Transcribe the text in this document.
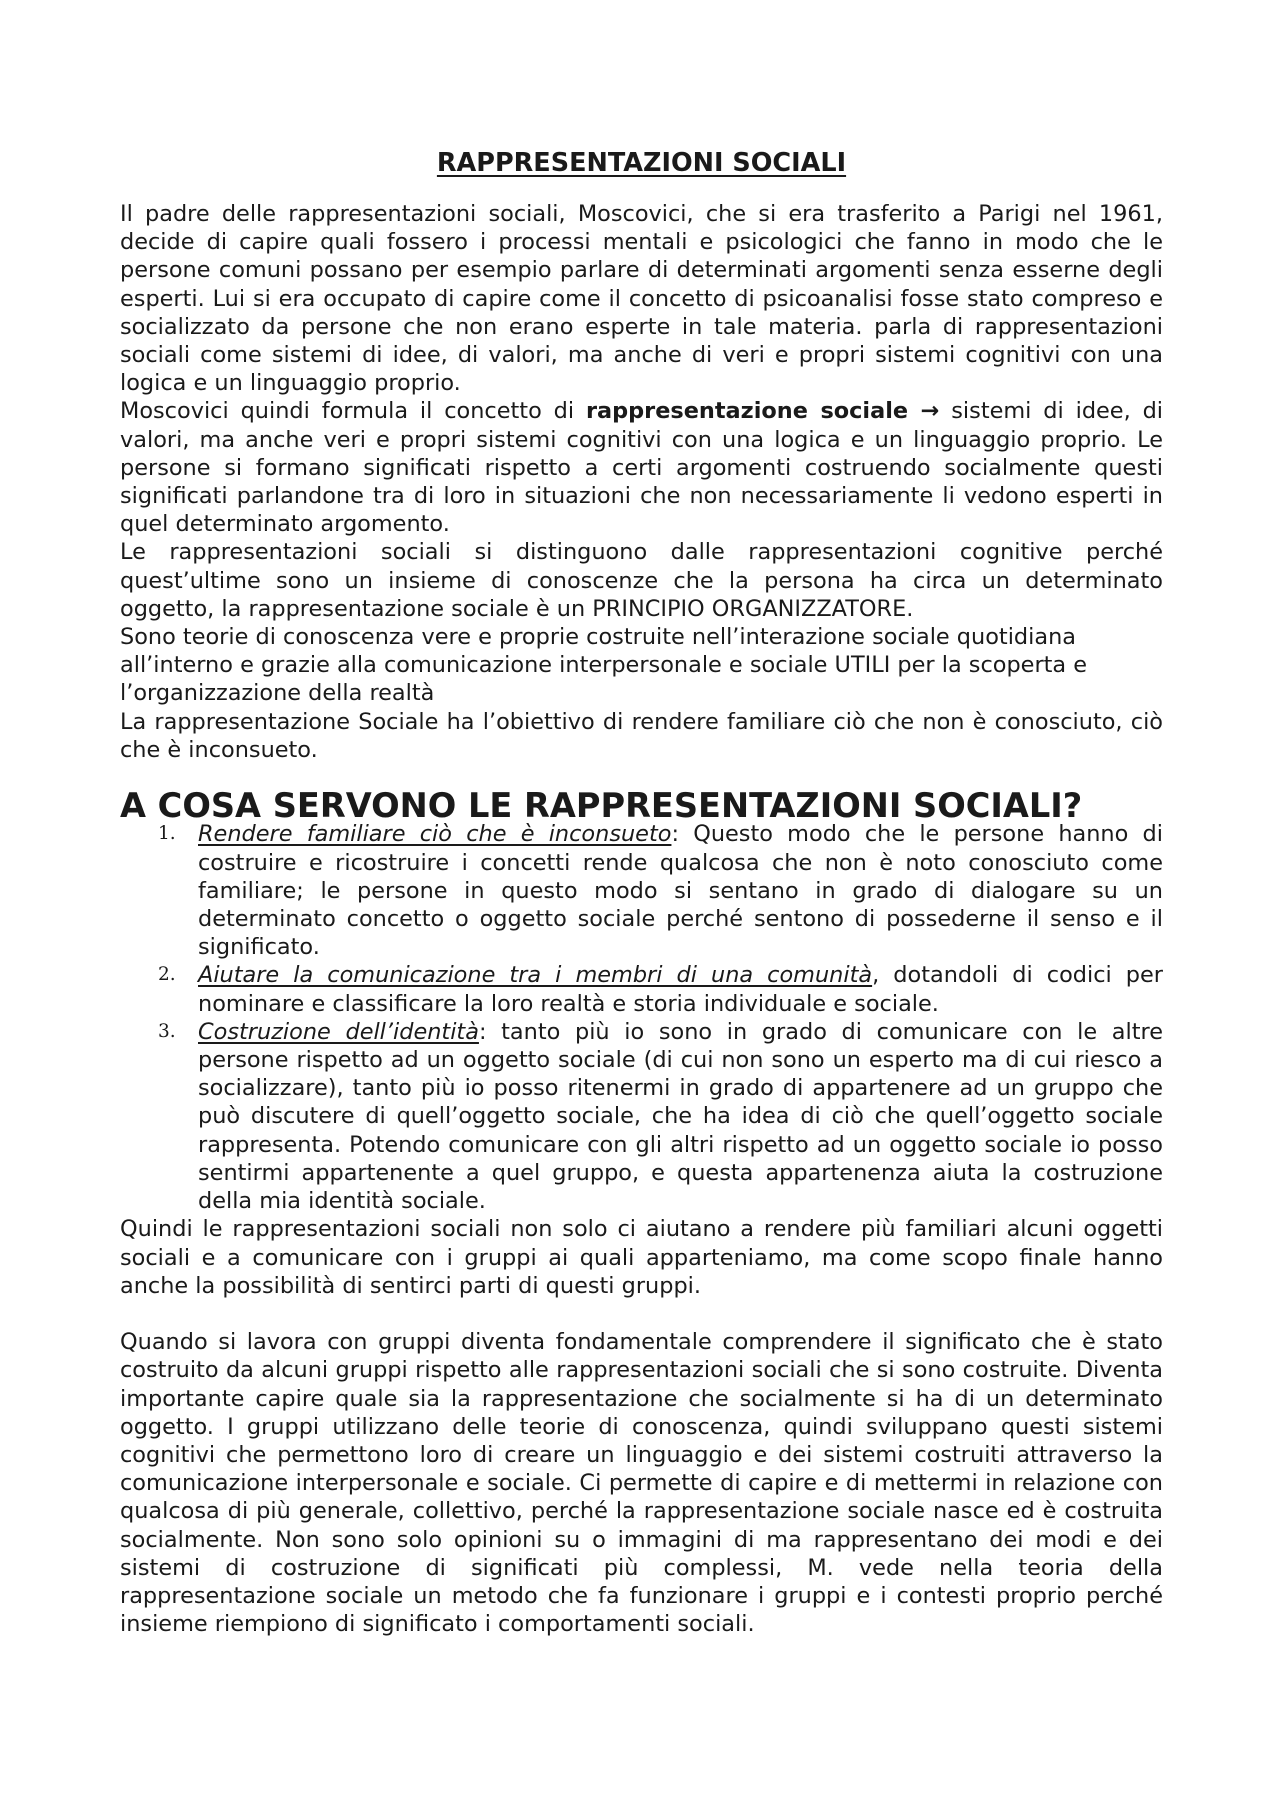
RAPPRESENTAZIONI SOCIALI

Il padre delle rappresentazioni sociali, Moscovici, che si era trasferito a Parigi nel 1961, decide di capire quali fossero i processi mentali e psicologici che fanno in modo che le persone comuni possano per esempio parlare di determinati argomenti senza esserne degli esperti. Lui si era occupato di capire come il concetto di psicoanalisi fosse stato compreso e socializzato da persone che non erano esperte in tale materia. parla di rappresentazioni sociali come sistemi di idee, di valori, ma anche di veri e propri sistemi cognitivi con una logica e un linguaggio proprio.

Moscovici quindi formula il concetto di rappresentazione sociale → sistemi di idee, di valori, ma anche veri e propri sistemi cognitivi con una logica e un linguaggio proprio. Le persone si formano significati rispetto a certi argomenti costruendo socialmente questi significati parlandone tra di loro in situazioni che non necessariamente li vedono esperti in quel determinato argomento.

Le rappresentazioni sociali si distinguono dalle rappresentazioni cognitive perché quest’ultime sono un insieme di conoscenze che la persona ha circa un determinato oggetto, la rappresentazione sociale è un PRINCIPIO ORGANIZZATORE.

Sono teorie di conoscenza vere e proprie costruite nell’interazione sociale quotidiana all’interno e grazie alla comunicazione interpersonale e sociale UTILI per la scoperta e l’organizzazione della realtà

La rappresentazione Sociale ha l’obiettivo di rendere familiare ciò che non è conosciuto, ciò che è inconsueto.

A COSA SERVONO LE RAPPRESENTAZIONI SOCIALI?
1. Rendere familiare ciò che è inconsueto: Questo modo che le persone hanno di costruire e ricostruire i concetti rende qualcosa che non è noto conosciuto come familiare; le persone in questo modo si sentano in grado di dialogare su un determinato concetto o oggetto sociale perché sentono di possederne il senso e il significato.
2. Aiutare la comunicazione tra i membri di una comunità, dotandoli di codici per nominare e classificare la loro realtà e storia individuale e sociale.
3. Costruzione dell’identità: tanto più io sono in grado di comunicare con le altre persone rispetto ad un oggetto sociale (di cui non sono un esperto ma di cui riesco a socializzare), tanto più io posso ritenermi in grado di appartenere ad un gruppo che può discutere di quell’oggetto sociale, che ha idea di ciò che quell’oggetto sociale rappresenta. Potendo comunicare con gli altri rispetto ad un oggetto sociale io posso sentirmi appartenente a quel gruppo, e questa appartenenza aiuta la costruzione della mia identità sociale.

Quindi le rappresentazioni sociali non solo ci aiutano a rendere più familiari alcuni oggetti sociali e a comunicare con i gruppi ai quali apparteniamo, ma come scopo finale hanno anche la possibilità di sentirci parti di questi gruppi.

Quando si lavora con gruppi diventa fondamentale comprendere il significato che è stato costruito da alcuni gruppi rispetto alle rappresentazioni sociali che si sono costruite. Diventa importante capire quale sia la rappresentazione che socialmente si ha di un determinato oggetto. I gruppi utilizzano delle teorie di conoscenza, quindi sviluppano questi sistemi cognitivi che permettono loro di creare un linguaggio e dei sistemi costruiti attraverso la comunicazione interpersonale e sociale. Ci permette di capire e di mettermi in relazione con qualcosa di più generale, collettivo, perché la rappresentazione sociale nasce ed è costruita socialmente. Non sono solo opinioni su o immagini di ma rappresentano dei modi e dei sistemi di costruzione di significati più complessi, M. vede nella teoria della rappresentazione sociale un metodo che fa funzionare i gruppi e i contesti proprio perché insieme riempiono di significato i comportamenti sociali.
